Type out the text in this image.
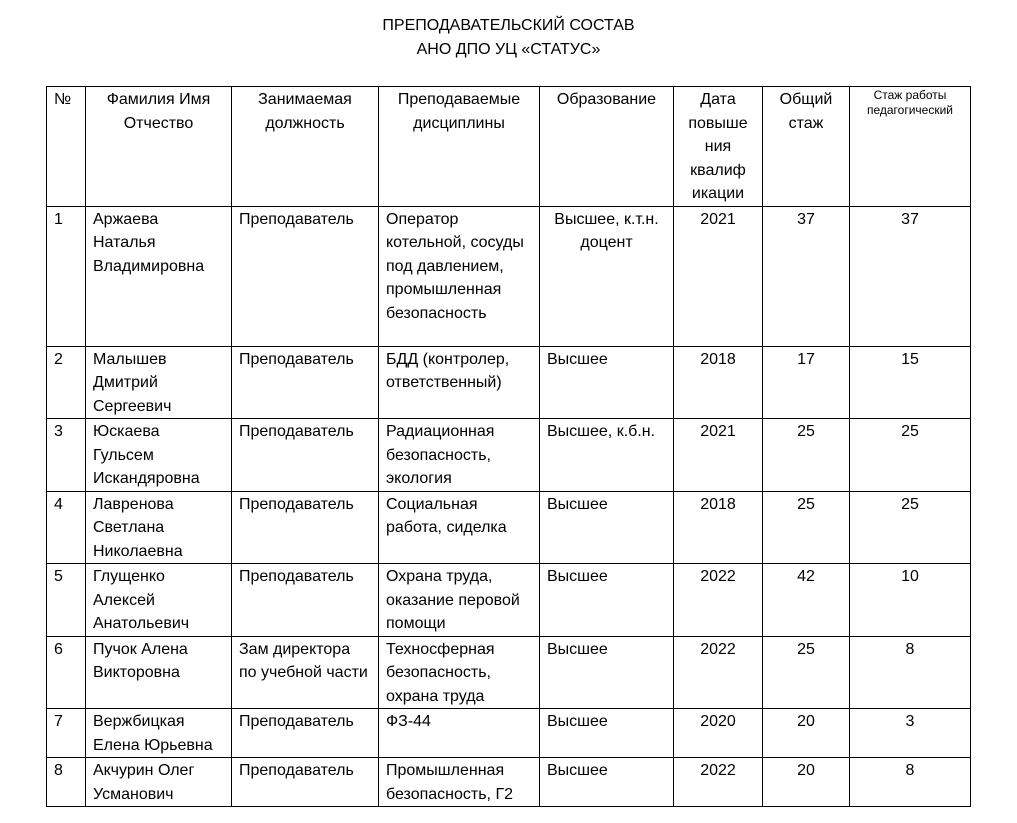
ПРЕПОДАВАТЕЛЬСКИЙ СОСТАВ
АНО ДПО УЦ «СТАТУС»
№	Фамилия Имя Отчество	Занимаемая должность	Преподаваемые дисциплины	Образование	Дата повыше ния квалиф икации	Общий стаж	Стаж работы педагогический
1	Аржаева Наталья Владимировна	Преподаватель	Оператор котельной, сосуды под давлением, промышленная безопасность	Высшее, к.т.н. доцент	2021	37	37
2	Малышев Дмитрий Сергеевич	Преподаватель	БДД (контролер, ответственный)	Высшее	2018	17	15
3	Юскаева Гульсем Искандяровна	Преподаватель	Радиационная безопасность, экология	Высшее, к.б.н.	2021	25	25
4	Лавренова Светлана Николаевна	Преподаватель	Социальная работа, сиделка	Высшее	2018	25	25
5	Глущенко Алексей Анатольевич	Преподаватель	Охрана труда, оказание перовой помощи	Высшее	2022	42	10
6	Пучок Алена Викторовна	Зам директора по учебной части	Техносферная безопасность, охрана труда	Высшее	2022	25	8
7	Вержбицкая Елена Юрьевна	Преподаватель	ФЗ-44	Высшее	2020	20	3
8	Акчурин Олег Усманович	Преподаватель	Промышленная безопасность, Г2	Высшее	2022	20	8
